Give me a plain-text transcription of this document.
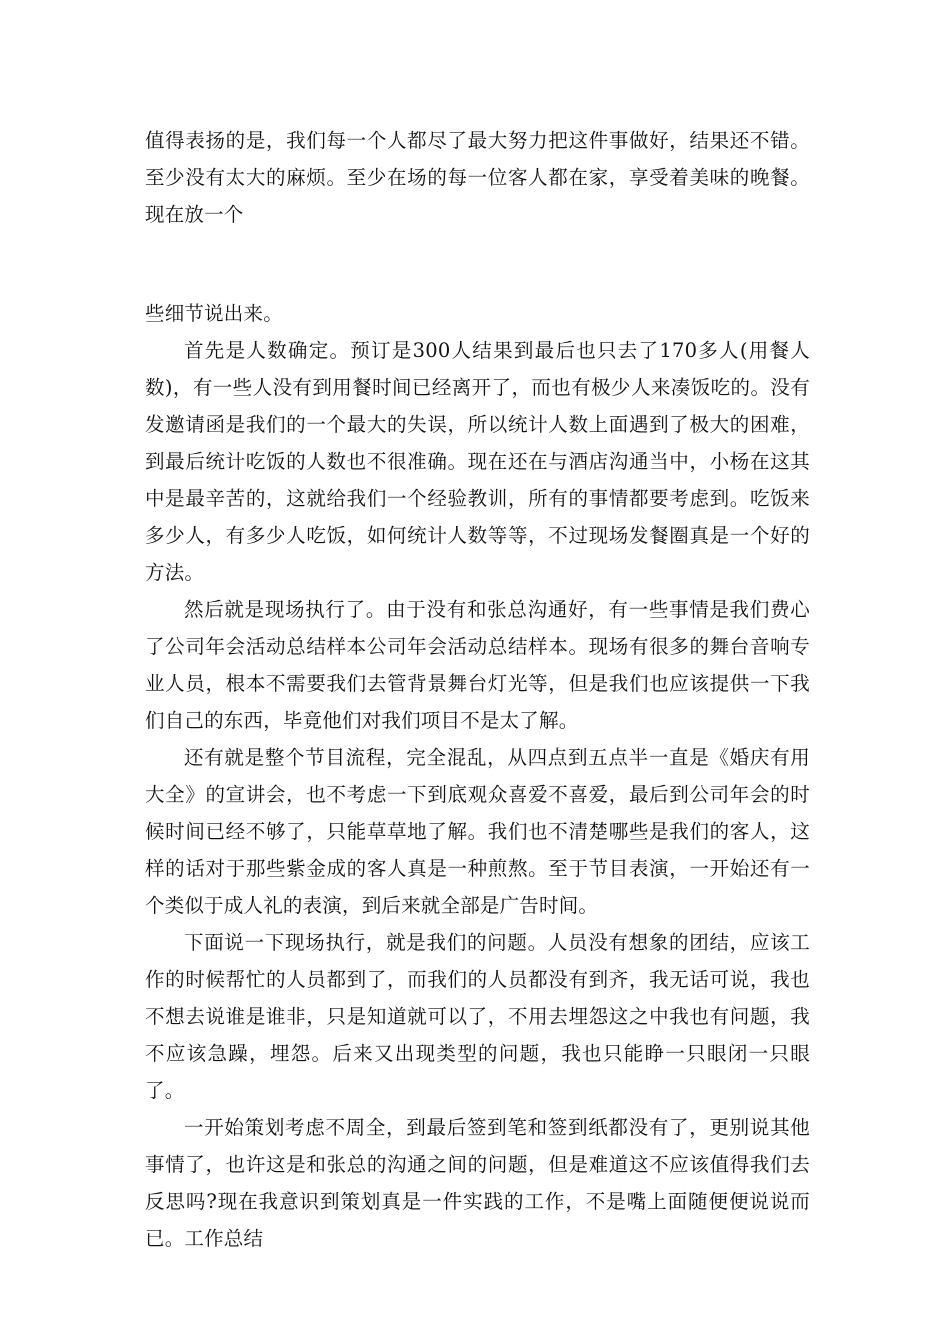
值得表扬的是，我们每一个人都尽了最大努力把这件事做好，结果还不错。至少没有太大的麻烦。至少在场的每一位客人都在家，享受着美味的晚餐。现在放一个

些细节说出来。

首先是人数确定。预订是300人结果到最后也只去了170多人(用餐人数)，有一些人没有到用餐时间已经离开了，而也有极少人来凑饭吃的。没有发邀请函是我们的一个最大的失误，所以统计人数上面遇到了极大的困难，到最后统计吃饭的人数也不很准确。现在还在与酒店沟通当中，小杨在这其中是最辛苦的，这就给我们一个经验教训，所有的事情都要考虑到。吃饭来多少人，有多少人吃饭，如何统计人数等等，不过现场发餐圈真是一个好的方法。

然后就是现场执行了。由于没有和张总沟通好，有一些事情是我们费心了公司年会活动总结样本公司年会活动总结样本。现场有很多的舞台音响专业人员，根本不需要我们去管背景舞台灯光等，但是我们也应该提供一下我们自己的东西，毕竟他们对我们项目不是太了解。

还有就是整个节目流程，完全混乱，从四点到五点半一直是《婚庆有用大全》的宣讲会，也不考虑一下到底观众喜爱不喜爱，最后到公司年会的时候时间已经不够了，只能草草地了解。我们也不清楚哪些是我们的客人，这样的话对于那些紫金成的客人真是一种煎熬。至于节目表演，一开始还有一个类似于成人礼的表演，到后来就全部是广告时间。

下面说一下现场执行，就是我们的问题。人员没有想象的团结，应该工作的时候帮忙的人员都到了，而我们的人员都没有到齐，我无话可说，我也不想去说谁是谁非，只是知道就可以了，不用去埋怨这之中我也有问题，我不应该急躁，埋怨。后来又出现类型的问题，我也只能睁一只眼闭一只眼了。

一开始策划考虑不周全，到最后签到笔和签到纸都没有了，更别说其他事情了，也许这是和张总的沟通之间的问题，但是难道这不应该值得我们去反思吗?现在我意识到策划真是一件实践的工作，不是嘴上面随便便说说而已。工作总结
